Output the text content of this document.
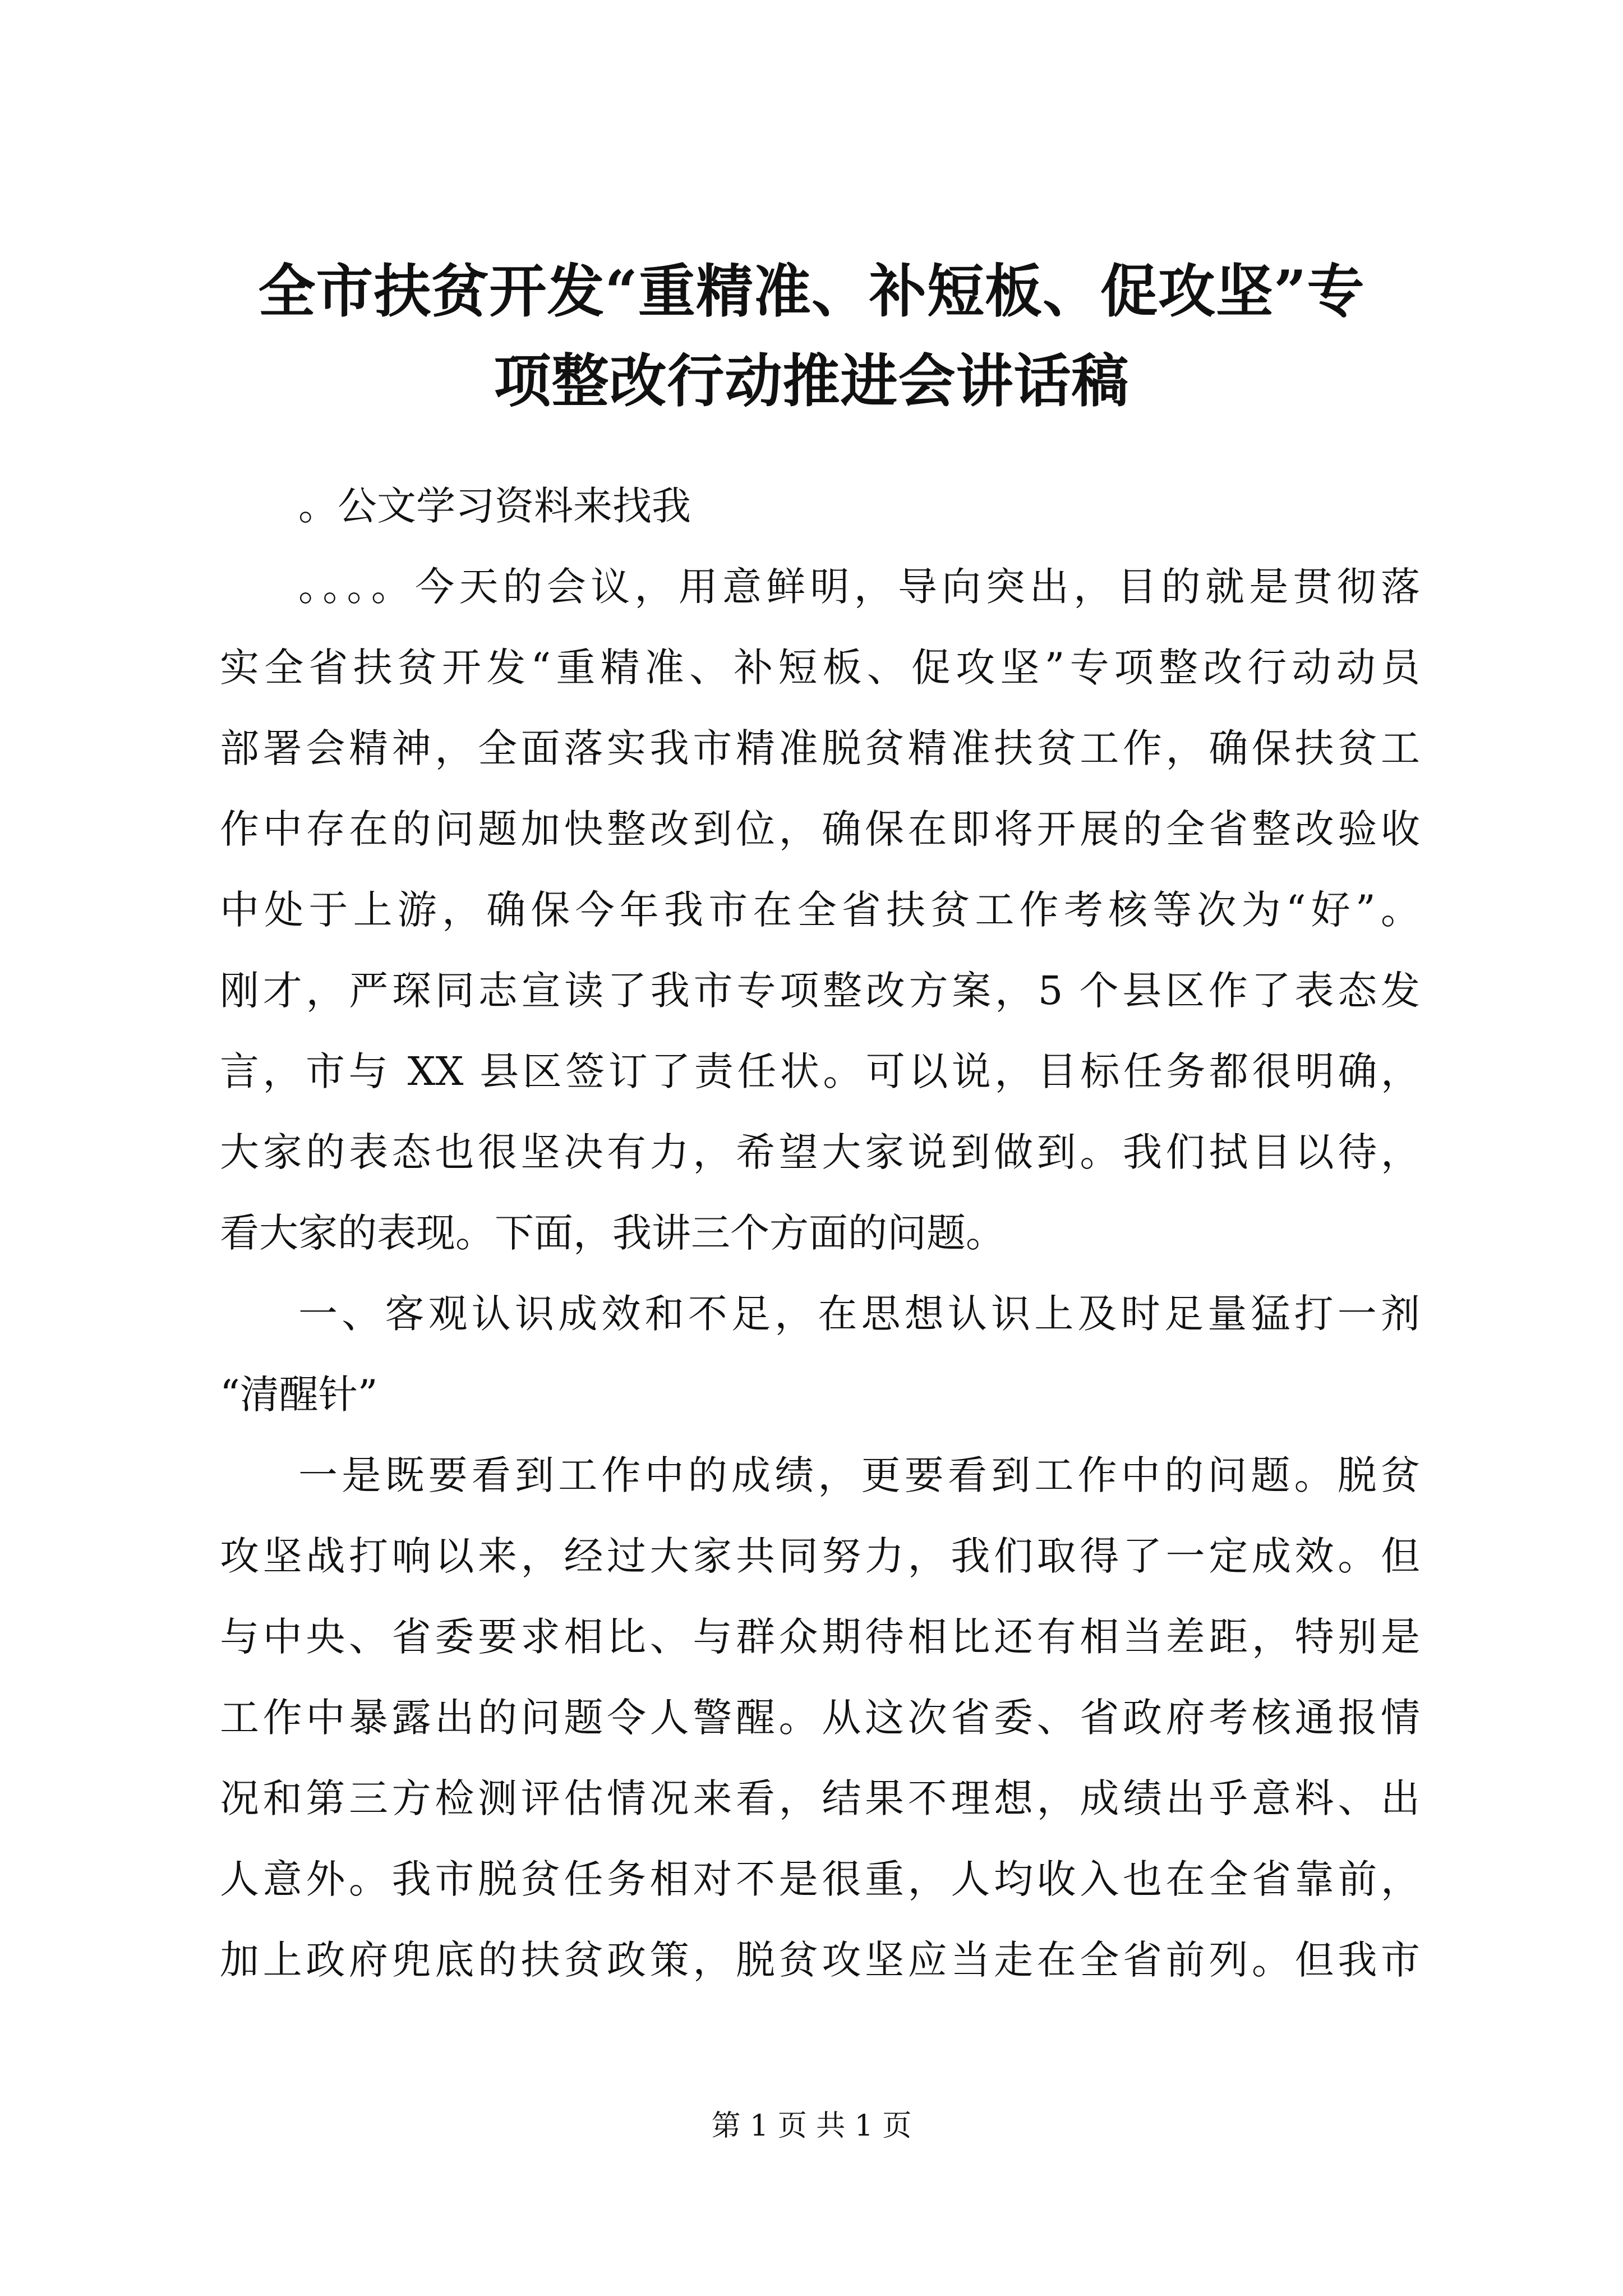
全市扶贫开发“重精准、补短板、促攻坚”专
项整改行动推进会讲话稿
。公文学习资料来找我
。。。。今天的会议，用意鲜明，导向突出，目的就是贯彻落
实全省扶贫开发“重精准、补短板、促攻坚”专项整改行动动员
部署会精神，全面落实我市精准脱贫精准扶贫工作，确保扶贫工
作中存在的问题加快整改到位，确保在即将开展的全省整改验收
中处于上游，确保今年我市在全省扶贫工作考核等次为“好”。
刚才，严琛同志宣读了我市专项整改方案，5 个县区作了表态发
言，市与 XX 县区签订了责任状。可以说，目标任务都很明确，
大家的表态也很坚决有力，希望大家说到做到。我们拭目以待，
看大家的表现。下面，我讲三个方面的问题。
一、客观认识成效和不足，在思想认识上及时足量猛打一剂
“清醒针”
一是既要看到工作中的成绩，更要看到工作中的问题。脱贫
攻坚战打响以来，经过大家共同努力，我们取得了一定成效。但
与中央、省委要求相比、与群众期待相比还有相当差距，特别是
工作中暴露出的问题令人警醒。从这次省委、省政府考核通报情
况和第三方检测评估情况来看，结果不理想，成绩出乎意料、出
人意外。我市脱贫任务相对不是很重，人均收入也在全省靠前，
加上政府兜底的扶贫政策，脱贫攻坚应当走在全省前列。但我市
第 1 页 共 1 页
